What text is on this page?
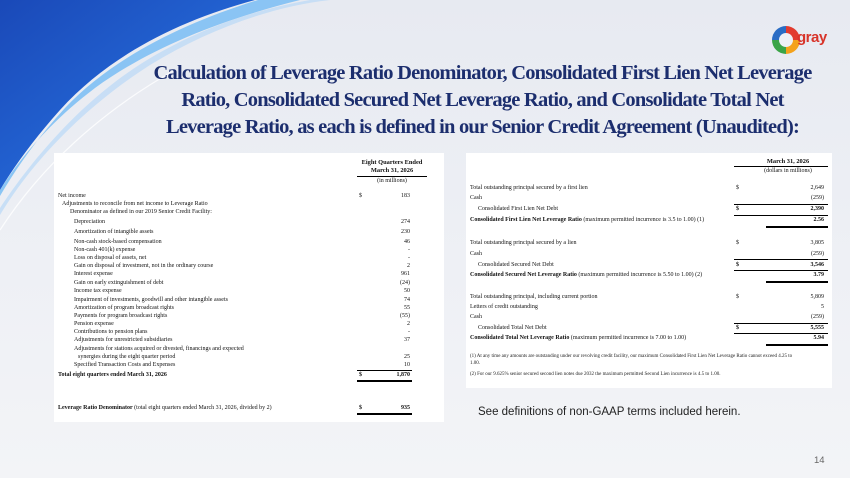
gray
Calculation of Leverage Ratio Denominator, Consolidated First Lien Net Leverage
Ratio, Consolidated Secured Net Leverage Ratio, and Consolidate Total Net
Leverage Ratio, as each is defined in our Senior Credit Agreement (Unaudited):
Eight Quarters Ended
March 31, 2026
(in millions)
Net income	$	183
Adjustments to reconcile from net income to Leverage Ratio
Denominator as defined in our 2019 Senior Credit Facility:
Depreciation	274
Amortization of intangible assets	230
Non-cash stock-based compensation	46
Non-cash 401(k) expense	-
Loss on disposal of assets, net	-
Gain on disposal of investment, not in the ordinary course	2
Interest expense	961
Gain on early extinguishment of debt	(24)
Income tax expense	50
Impairment of investments, goodwill and other intangible assets	74
Amortization of program broadcast rights	55
Payments for program broadcast rights	(55)
Pension expense	2
Contributions to pension plans	-
Adjustments for unrestricted subsidiaries	37
Adjustments for stations acquired or divested, financings and expected
synergies during the eight quarter period	25
Specified Transaction Costs and Expenses	10
Total eight quarters ended March 31, 2026	$	1,870
Leverage Ratio Denominator (total eight quarters ended March 31, 2026, divided by 2)	$	935
March 31, 2026
(dollars in millions)
Total outstanding principal secured by a first lien	$	2,649
Cash	(259)
Consolidated First Lien Net Debt	$	2,390
Consolidated First Lien Net Leverage Ratio (maximum permitted incurrence is 3.5 to 1.00) (1)	2.56
Total outstanding principal secured by a lien	$	3,805
Cash	(259)
Consolidated Secured Net Debt	$	3,546
Consolidated Secured Net Leverage Ratio (maximum permitted incurrence is 5.50 to 1.00) (2)	3.79
Total outstanding principal, including current portion	$	5,809
Letters of credit outstanding	5
Cash	(259)
Consolidated Total Net Debt	$	5,555
Consolidated Total Net Leverage Ratio (maximum permitted incurrence is 7.00 to 1.00)	5.94
(1) At any time any amounts are outstanding under our revolving credit facility, our maximum Consolidated First Lien Net Leverage Ratio cannot exceed 4.25 to 1.00.
(2) For our 9.625% senior secured second lien notes due 2032 the maximum permitted Second Lien incurrence is 4.5 to 1.00.
See definitions of non-GAAP terms included herein.
14
